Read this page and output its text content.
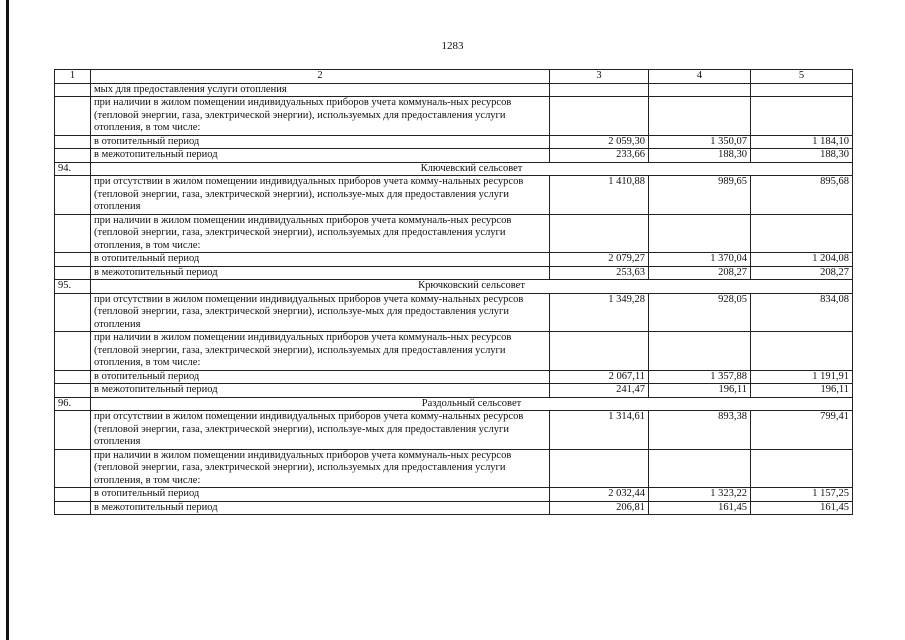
1283
1	2	3	4	5
	мых для предоставления услуги отопления			
	при наличии в жилом помещении индивидуальных приборов учета коммуналь-ных ресурсов (тепловой энергии, газа, электрической энергии), используемых для предоставления услуги отопления, в том числе:			
	в отопительный период	2 059,30	1 350,07	1 184,10
	в межотопительный период	233,66	188,30	188,30
94.	Ключевский сельсовет			
	при отсутствии в жилом помещении индивидуальных приборов учета комму-нальных ресурсов (тепловой энергии, газа, электрической энергии), используе-мых для предоставления услуги отопления	1 410,88	989,65	895,68
	при наличии в жилом помещении индивидуальных приборов учета коммуналь-ных ресурсов (тепловой энергии, газа, электрической энергии), используемых для предоставления услуги отопления, в том числе:			
	в отопительный период	2 079,27	1 370,04	1 204,08
	в межотопительный период	253,63	208,27	208,27
95.	Крючковский сельсовет			
	при отсутствии в жилом помещении индивидуальных приборов учета комму-нальных ресурсов (тепловой энергии, газа, электрической энергии), используе-мых для предоставления услуги отопления	1 349,28	928,05	834,08
	при наличии в жилом помещении индивидуальных приборов учета коммуналь-ных ресурсов (тепловой энергии, газа, электрической энергии), используемых для предоставления услуги отопления, в том числе:			
	в отопительный период	2 067,11	1 357,88	1 191,91
	в межотопительный период	241,47	196,11	196,11
96.	Раздольный сельсовет			
	при отсутствии в жилом помещении индивидуальных приборов учета комму-нальных ресурсов (тепловой энергии, газа, электрической энергии), используе-мых для предоставления услуги отопления	1 314,61	893,38	799,41
	при наличии в жилом помещении индивидуальных приборов учета коммуналь-ных ресурсов (тепловой энергии, газа, электрической энергии), используемых для предоставления услуги отопления, в том числе:			
	в отопительный период	2 032,44	1 323,22	1 157,25
	в межотопительный период	206,81	161,45	161,45
